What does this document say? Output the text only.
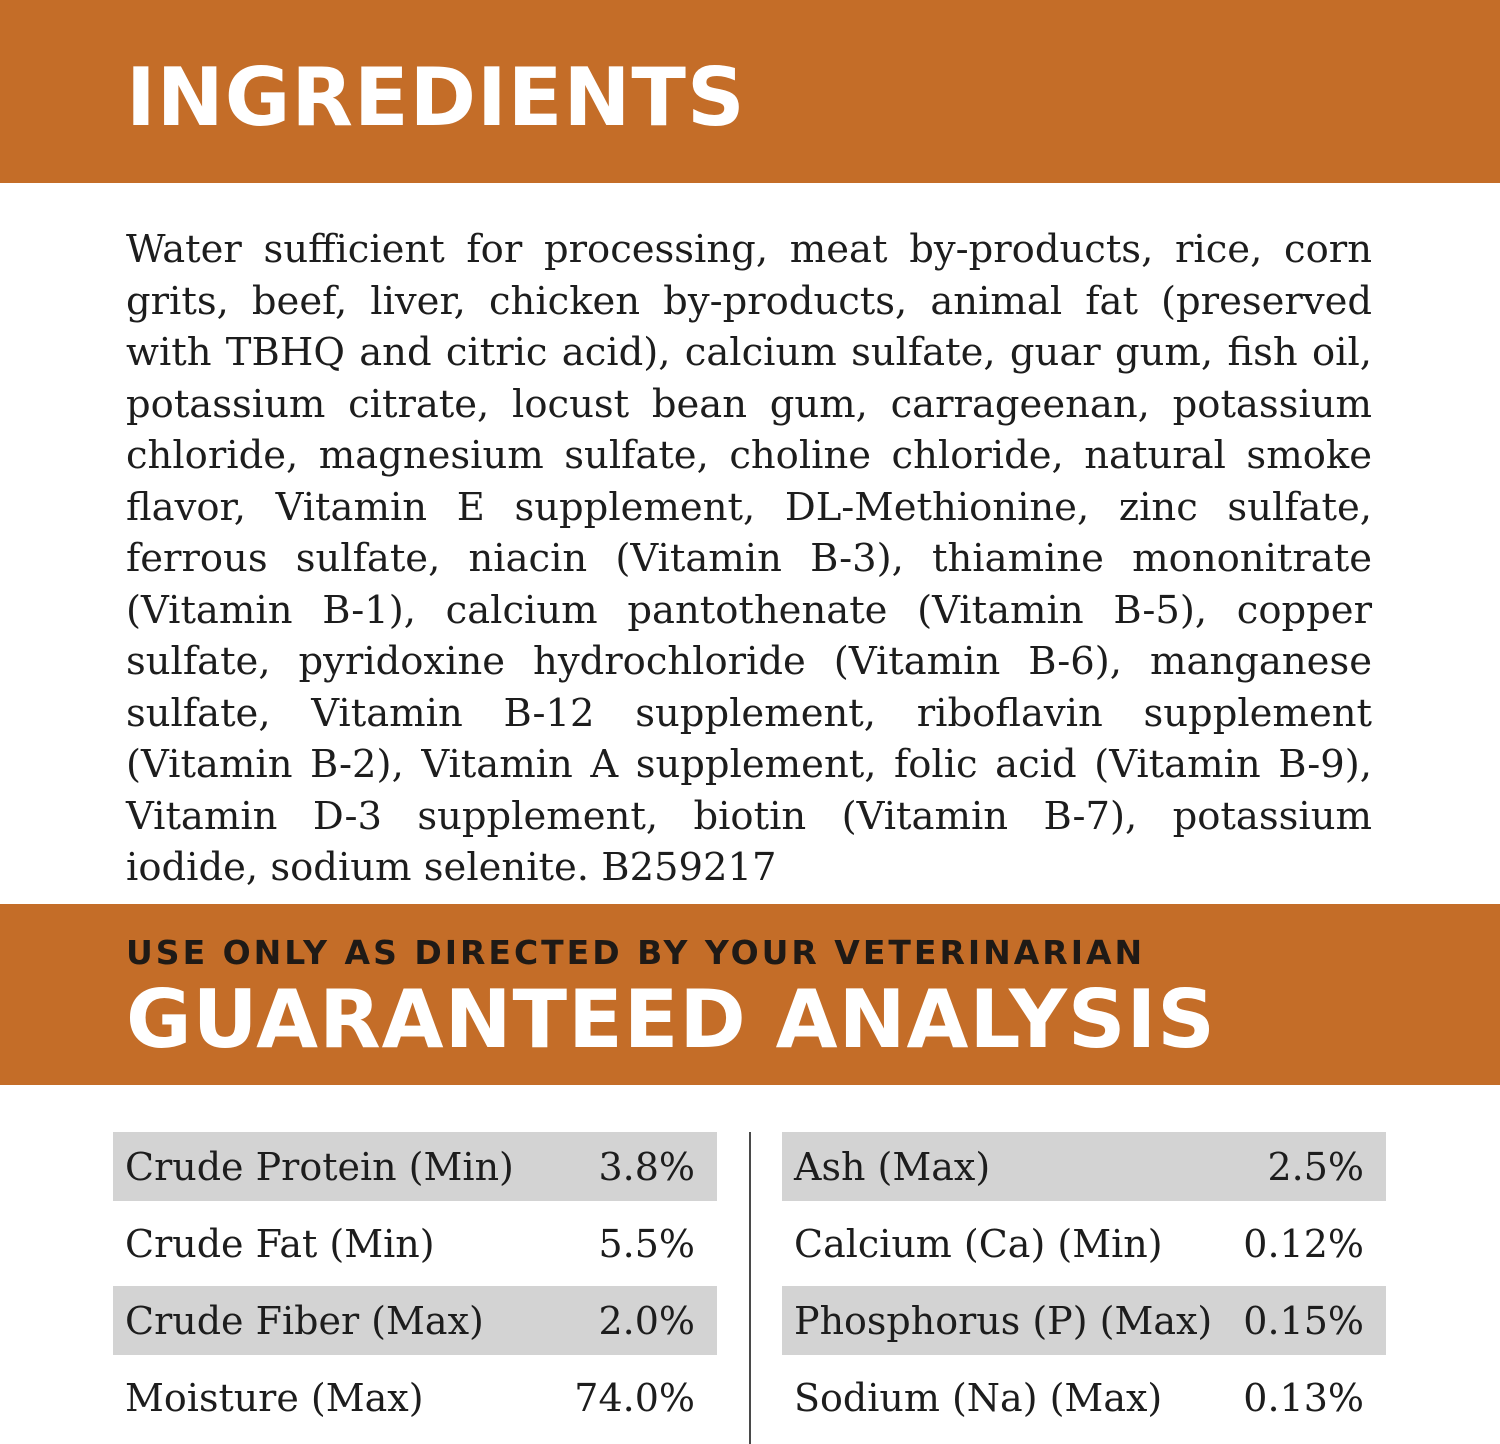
INGREDIENTS

Water sufficient for processing, meat by-products, rice, corn grits, beef, liver, chicken by-products, animal fat (preserved with TBHQ and citric acid), calcium sulfate, guar gum, fish oil, potassium citrate, locust bean gum, carrageenan, potassium chloride, magnesium sulfate, choline chloride, natural smoke flavor, Vitamin E supplement, DL-Methionine, zinc sulfate, ferrous sulfate, niacin (Vitamin B-3), thiamine mononitrate (Vitamin B-1), calcium pantothenate (Vitamin B-5), copper sulfate, pyridoxine hydrochloride (Vitamin B-6), manganese sulfate, Vitamin B-12 supplement, riboflavin supplement (Vitamin B-2), Vitamin A supplement, folic acid (Vitamin B-9), Vitamin D-3 supplement, biotin (Vitamin B-7), potassium iodide, sodium selenite. B259217

USE ONLY AS DIRECTED BY YOUR VETERINARIAN
GUARANTEED ANALYSIS
Crude Protein (Min) 3.8%
Crude Fat (Min)	5.5%
Crude Fiber (Max)	2.0%
Moisture (Max)	74.0%
Ash (Max)	2.5%
Calcium (Ca) (Min) 0.12%
Phosphorus (P) (Max) 0.15%
Sodium (Na) (Max) 0.13%
